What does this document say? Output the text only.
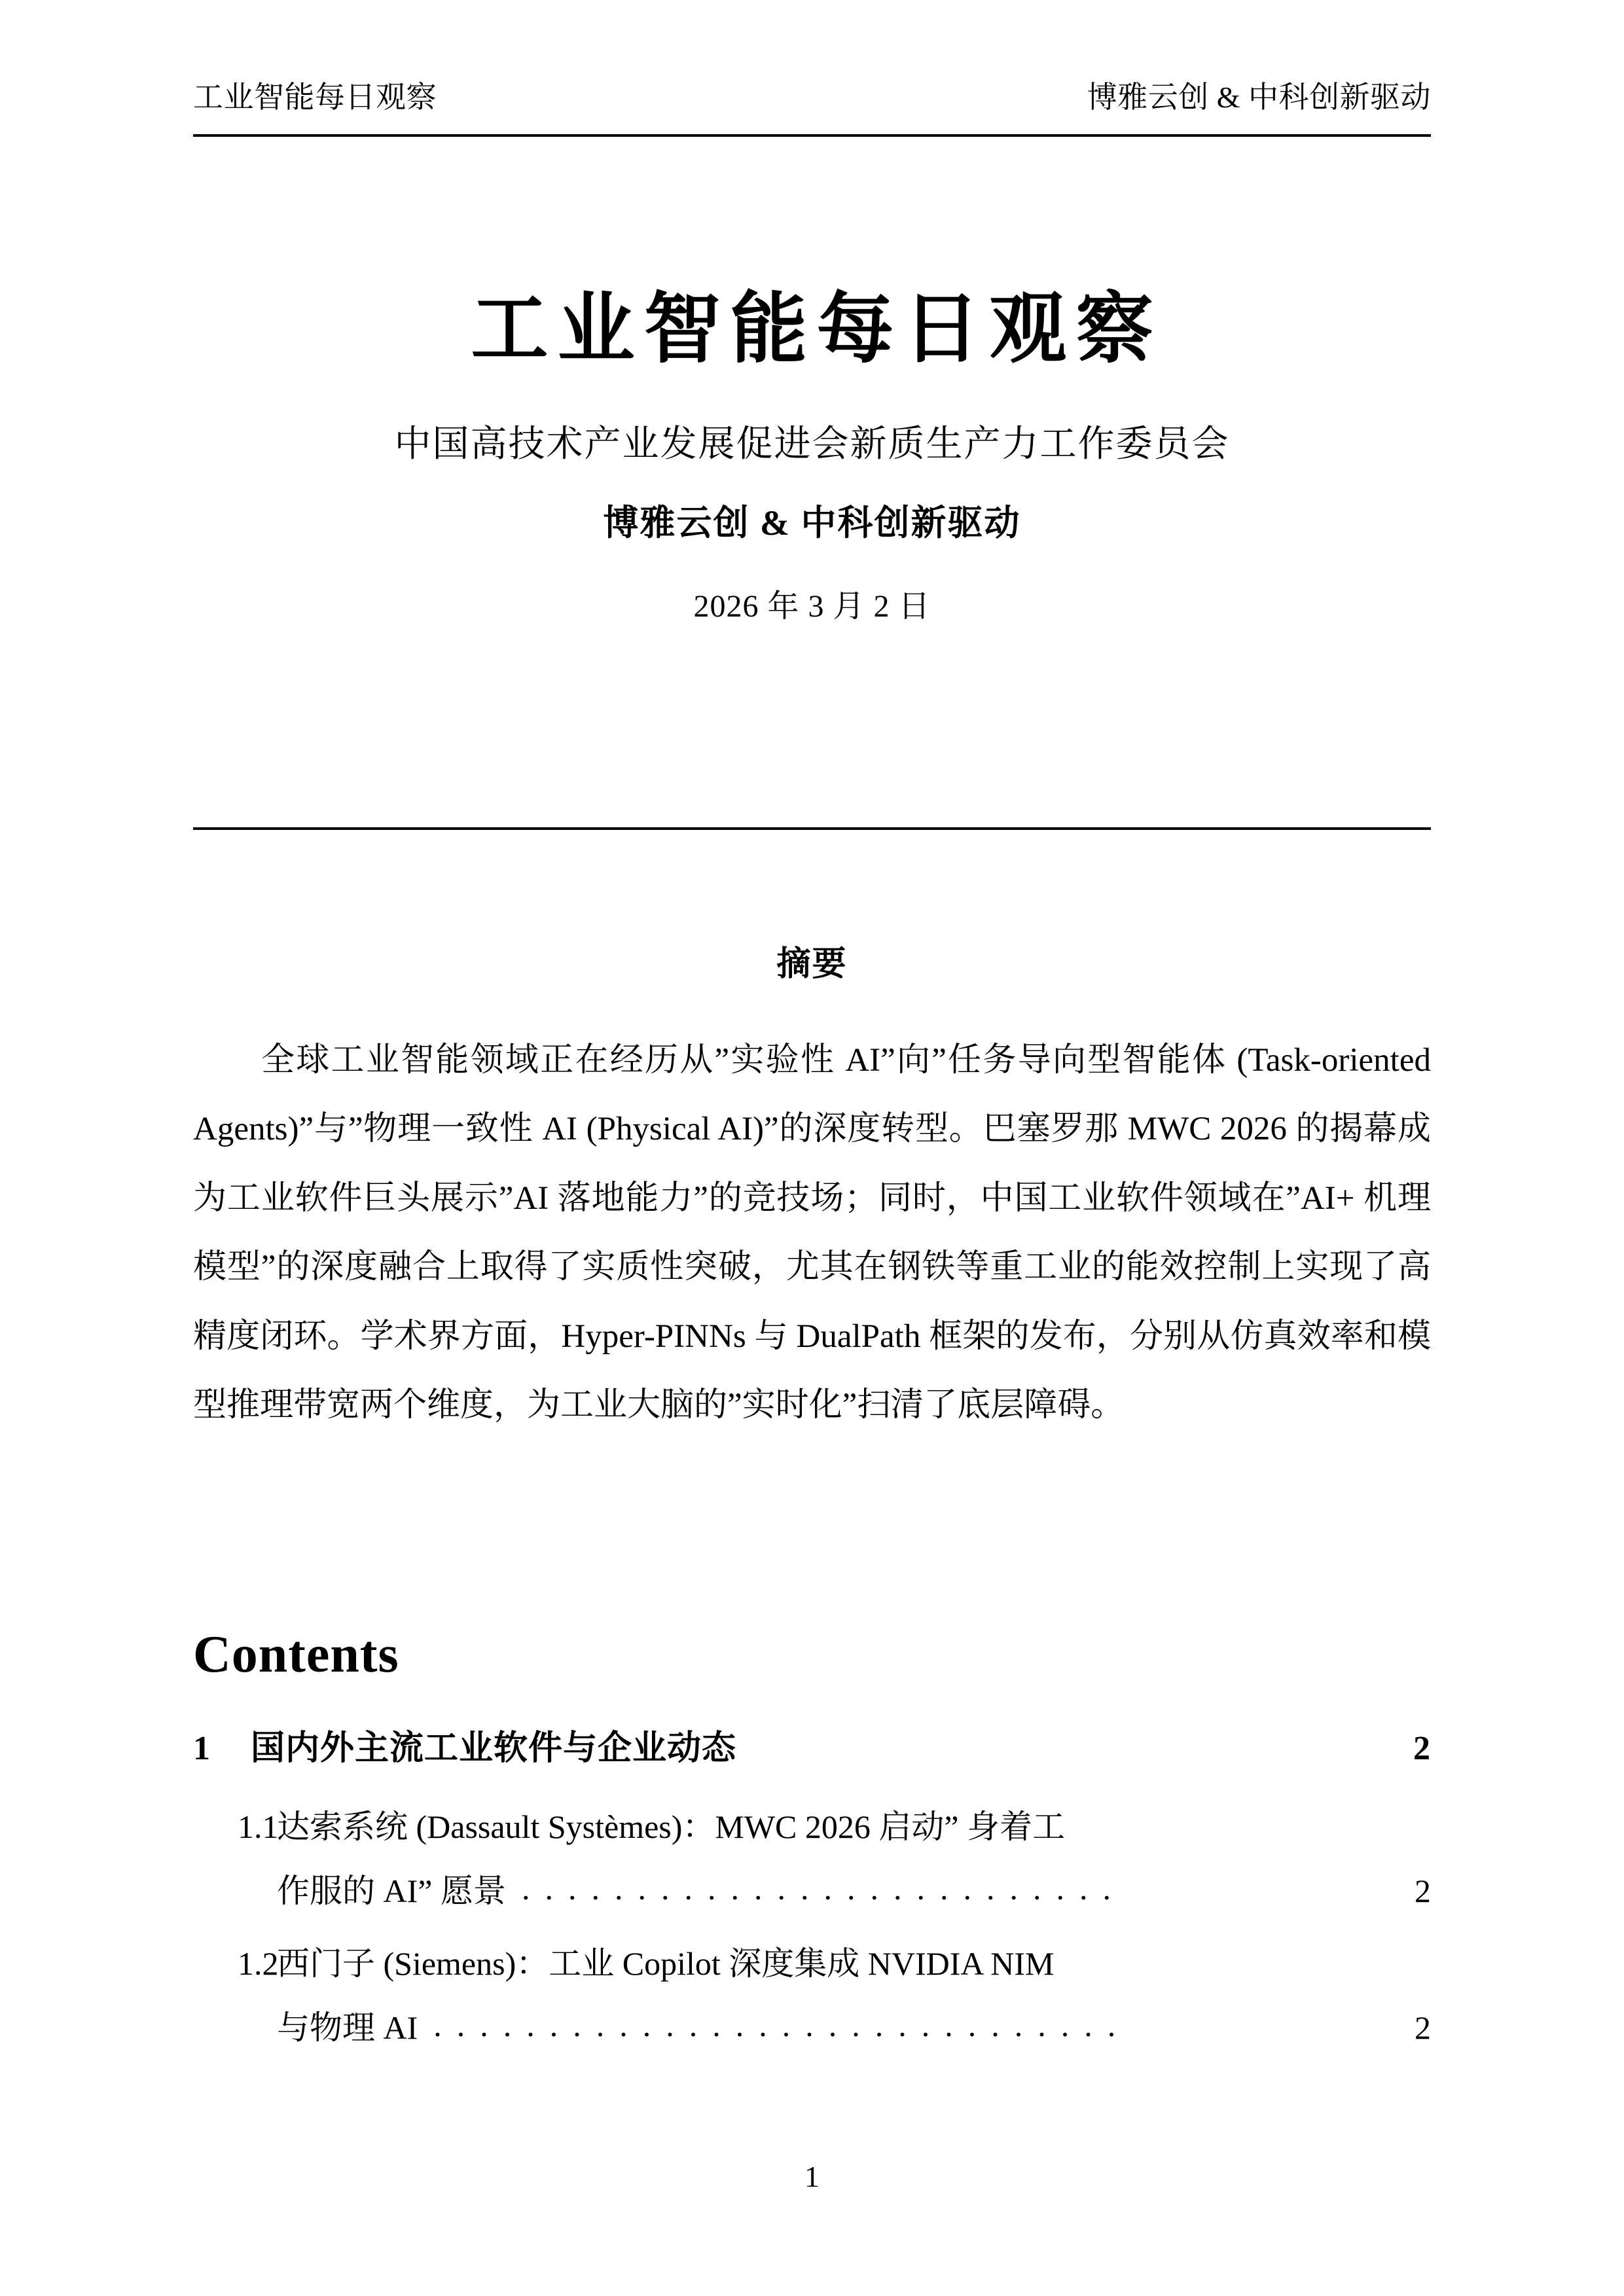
工业智能每日观察	博雅云创 & 中科创新驱动
工业智能每日观察
中国高技术产业发展促进会新质生产力工作委员会
博雅云创 & 中科创新驱动
2026 年 3 月 2 日
摘要

全球工业智能领域正在经历从”实验性 AI”向”任务导向型智能体 (Task-oriented Agents)”与”物理一致性 AI (Physical AI)”的深度转型。巴塞罗那 MWC 2026 的揭幕成为工业软件巨头展示”AI 落地能力”的竞技场；同时，中国工业软件领域在”AI+ 机理模型”的深度融合上取得了实质性突破，尤其在钢铁等重工业的能效控制上实现了高精度闭环。学术界方面，Hyper-PINNs 与 DualPath 框架的发布，分别从仿真效率和模型推理带宽两个维度，为工业大脑的”实时化”扫清了底层障碍。

Contents
1	国内外主流工业软件与企业动态	2
1.1
达索系统 (Dassault Systèmes)：MWC 2026 启动” 身着工
作服的 AI” 愿景 ..........................	2
1.2
西门子 (Siemens)：工业 Copilot 深度集成 NVIDIA NIM
与物理 AI ..............................	2
1
